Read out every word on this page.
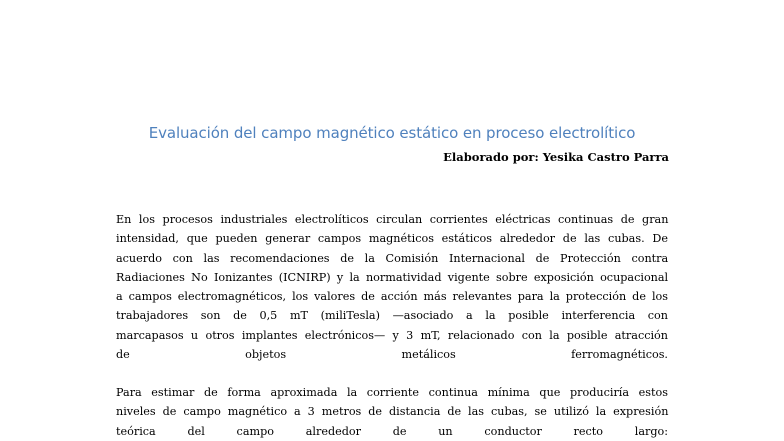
Evaluación del campo magnético estático en proceso electrolítico
Elaborado por: Yesika Castro Parra
En los procesos industriales electrolíticos circulan corrientes eléctricas continuas de gran
intensidad, que pueden generar campos magnéticos estáticos alrededor de las cubas. De
acuerdo con las recomendaciones de la Comisión Internacional de Protección contra
Radiaciones No Ionizantes (ICNIRP) y la normatividad vigente sobre exposición ocupacional
a campos electromagnéticos, los valores de acción más relevantes para la protección de los
trabajadores son de 0,5 mT (miliTesla) —asociado a la posible interferencia con
marcapasos u otros implantes electrónicos— y 3 mT, relacionado con la posible atracción
de objetos metálicos ferromagnéticos.
Para estimar de forma aproximada la corriente continua mínima que produciría estos
niveles de campo magnético a 3 metros de distancia de las cubas, se utilizó la expresión
teórica del campo alrededor de un conductor recto largo:
